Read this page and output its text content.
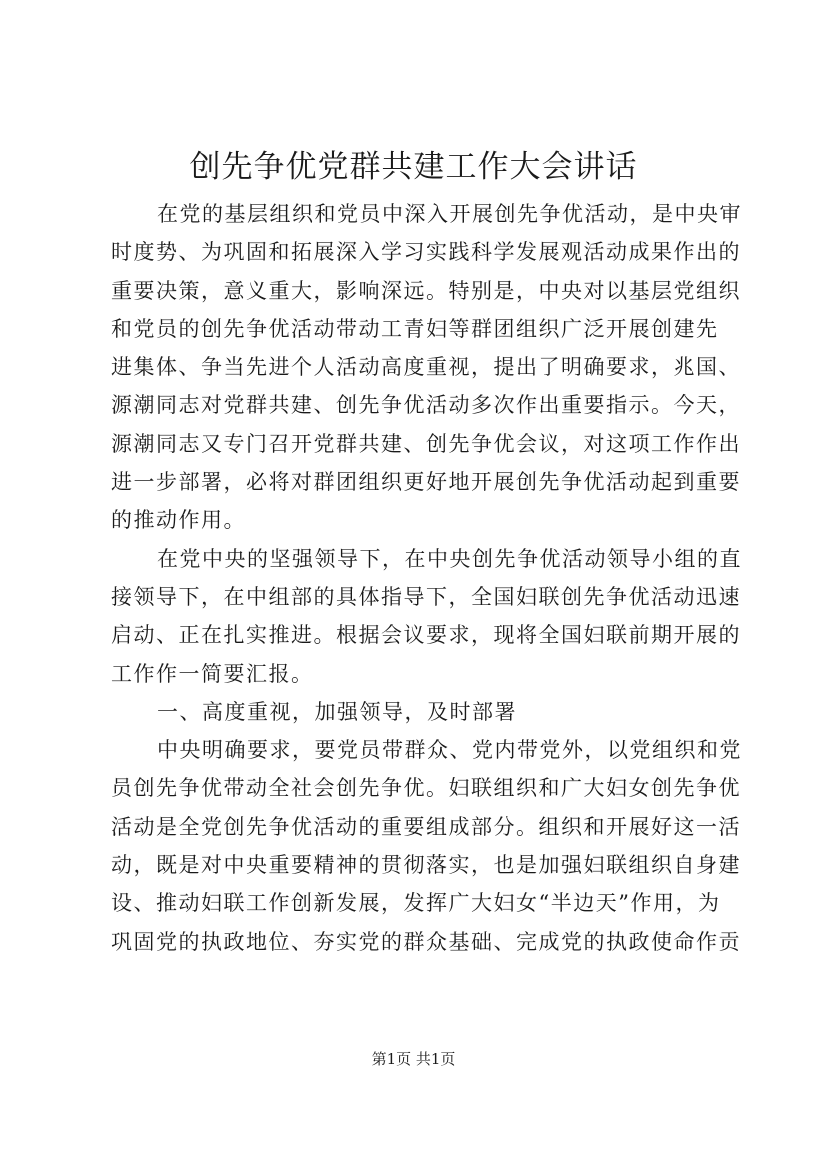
创先争优党群共建工作大会讲话
在党的基层组织和党员中深入开展创先争优活动，是中央审
时度势、为巩固和拓展深入学习实践科学发展观活动成果作出的
重要决策，意义重大，影响深远。特别是，中央对以基层党组织
和党员的创先争优活动带动工青妇等群团组织广泛开展创建先
进集体、争当先进个人活动高度重视，提出了明确要求，兆国、
源潮同志对党群共建、创先争优活动多次作出重要指示。今天，
源潮同志又专门召开党群共建、创先争优会议，对这项工作作出
进一步部署，必将对群团组织更好地开展创先争优活动起到重要
的推动作用。
在党中央的坚强领导下，在中央创先争优活动领导小组的直
接领导下，在中组部的具体指导下，全国妇联创先争优活动迅速
启动、正在扎实推进。根据会议要求，现将全国妇联前期开展的
工作作一简要汇报。
一、高度重视，加强领导，及时部署
中央明确要求，要党员带群众、党内带党外，以党组织和党
员创先争优带动全社会创先争优。妇联组织和广大妇女创先争优
活动是全党创先争优活动的重要组成部分。组织和开展好这一活
动，既是对中央重要精神的贯彻落实，也是加强妇联组织自身建
设、推动妇联工作创新发展，发挥广大妇女“半边天”作用，为
巩固党的执政地位、夯实党的群众基础、完成党的执政使命作贡
第1页 共1页
